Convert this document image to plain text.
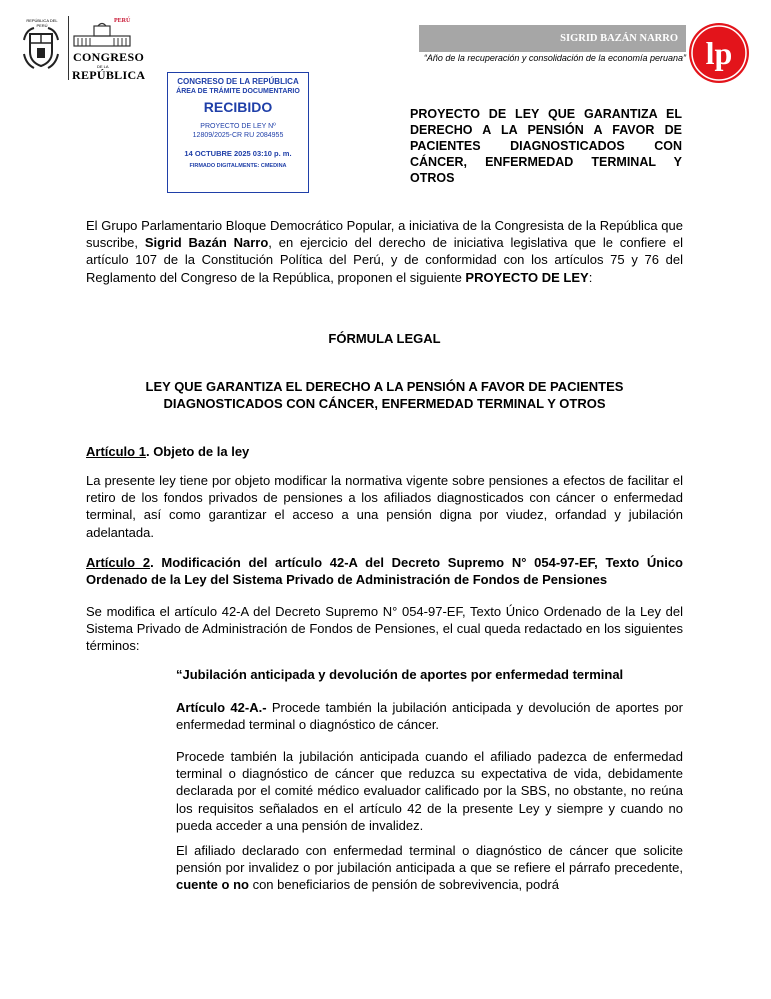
REPÚBLICA DEL PERÚ
PERÚ
CONGRESO
DE LA
REPÚBLICA
SIGRID BAZÁN NARRO
“Año de la recuperación y consolidación de la economía peruana” lp
CONGRESO DE LA REPÚBLICA
ÁREA DE TRÁMITE DOCUMENTARIO
RECIBIDO
PROYECTO DE LEY Nº
12809/2025-CR RU 2084955
14 OCTUBRE 2025 03:10 p. m.
FIRMADO DIGITALMENTE: CMEDINA
PROYECTO DE LEY QUE GARANTIZA EL DERECHO A LA PENSIÓN A FAVOR DE PACIENTES DIAGNOSTICADOS CON CÁNCER, ENFERMEDAD TERMINAL Y OTROS

El Grupo Parlamentario Bloque Democrático Popular, a iniciativa de la Congresista de la República que suscribe, Sigrid Bazán Narro, en ejercicio del derecho de iniciativa legislativa que le confiere el artículo 107 de la Constitución Política del Perú, y de conformidad con los artículos 75 y 76 del Reglamento del Congreso de la República, proponen el siguiente PROYECTO DE LEY:

FÓRMULA LEGAL
LEY QUE GARANTIZA EL DERECHO A LA PENSIÓN A FAVOR DE PACIENTES
DIAGNOSTICADOS CON CÁNCER, ENFERMEDAD TERMINAL Y OTROS

Artículo 1. Objeto de la ley

La presente ley tiene por objeto modificar la normativa vigente sobre pensiones a efectos de facilitar el retiro de los fondos privados de pensiones a los afiliados diagnosticados con cáncer o enfermedad terminal, así como garantizar el acceso a una pensión digna por viudez, orfandad y jubilación adelantada.

Artículo 2. Modificación del artículo 42-A del Decreto Supremo N° 054-97-EF, Texto Único Ordenado de la Ley del Sistema Privado de Administración de Fondos de Pensiones

Se modifica el artículo 42-A del Decreto Supremo N° 054-97-EF, Texto Único Ordenado de la Ley del Sistema Privado de Administración de Fondos de Pensiones, el cual queda redactado en los siguientes términos:

“Jubilación anticipada y devolución de aportes por enfermedad terminal

Artículo 42-A.- Procede también la jubilación anticipada y devolución de aportes por enfermedad terminal o diagnóstico de cáncer.

Procede también la jubilación anticipada cuando el afiliado padezca de enfermedad terminal o diagnóstico de cáncer que reduzca su expectativa de vida, debidamente declarada por el comité médico evaluador calificado por la SBS, no obstante, no reúna los requisitos señalados en el artículo 42 de la presente Ley y siempre y cuando no pueda acceder a una pensión de invalidez.

El afiliado declarado con enfermedad terminal o diagnóstico de cáncer que solicite pensión por invalidez o por jubilación anticipada a que se refiere el párrafo precedente, cuente o no con beneficiarios de pensión de sobrevivencia, podrá
